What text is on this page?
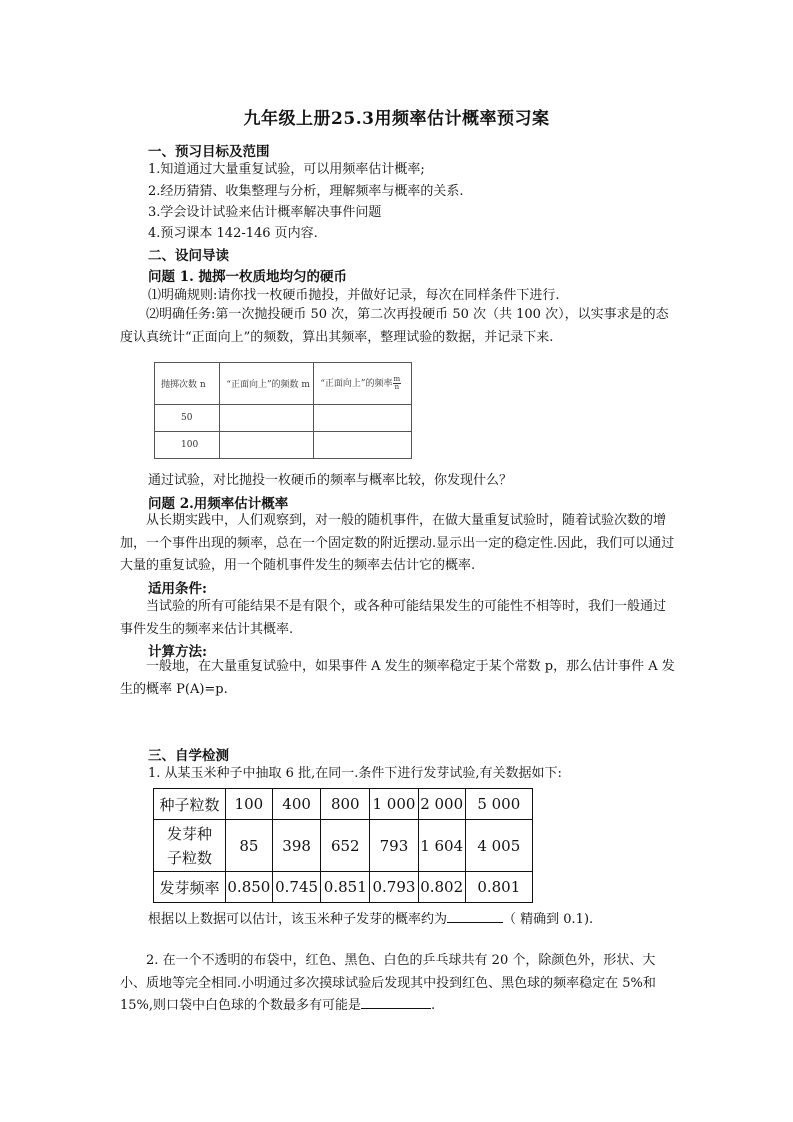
九年级上册25.3用频率估计概率预习案
一、预习目标及范围
1.知道通过大量重复试验，可以用频率估计概率;
2.经历猜猜、收集整理与分析，理解频率与概率的关系.
3.学会设计试验来估计概率解决事件问题
4.预习课本 142-146 页内容.
二、设问导读
问题 1. 抛掷一枚质地均匀的硬币
⑴明确规则:请你找一枚硬币抛投，并做好记录，每次在同样条件下进行.
⑵明确任务:第一次抛投硬币 50 次，第二次再投硬币 50 次（共 100 次），以实事求是的态度认真统计“正面向上”的频数，算出其频率，整理试验的数据，并记录下来.
抛掷次数 n	“正面向上”的频数 m	“正面向上”的频率 $\frac{m}{n}$

50		
100		
通过试验，对比抛投一枚硬币的频率与概率比较，你发现什么？
问题 2.用频率估计概率
从长期实践中，人们观察到，对一般的随机事件，在做大量重复试验时，随着试验次数的增加，一个事件出现的频率，总在一个固定数的附近摆动.显示出一定的稳定性.因此，我们可以通过大量的重复试验，用一个随机事件发生的频率去估计它的概率.
适用条件:
当试验的所有可能结果不是有限个，或各种可能结果发生的可能性不相等时，我们一般通过事件发生的频率来估计其概率.
计算方法:
一般地，在大量重复试验中，如果事件 A 发生的频率稳定于某个常数 p，那么估计事件 A 发生的概率 P(A)=p.
三、自学检测
1. 从某玉米种子中抽取 6 批,在同一.条件下进行发芽试验,有关数据如下:
种子粒数	100	400	800	1 000	2 000	5 000
发芽种子粒数	85	398	652	793	1 604	4 005
发芽频率	0.850	0.745	0.851	0.793	0.802	0.801
根据以上数据可以估计，该玉米种子发芽的概率约为	（ 精确到 0.1).
2. 在一个不透明的布袋中，红色、黑色、白色的乒乓球共有 20 个，除颜色外，形状、大小、质地等完全相同.小明通过多次摸球试验后发现其中投到红色、黑色球的频率稳定在 5%和 15%,则口袋中白色球的个数最多有可能是	.
